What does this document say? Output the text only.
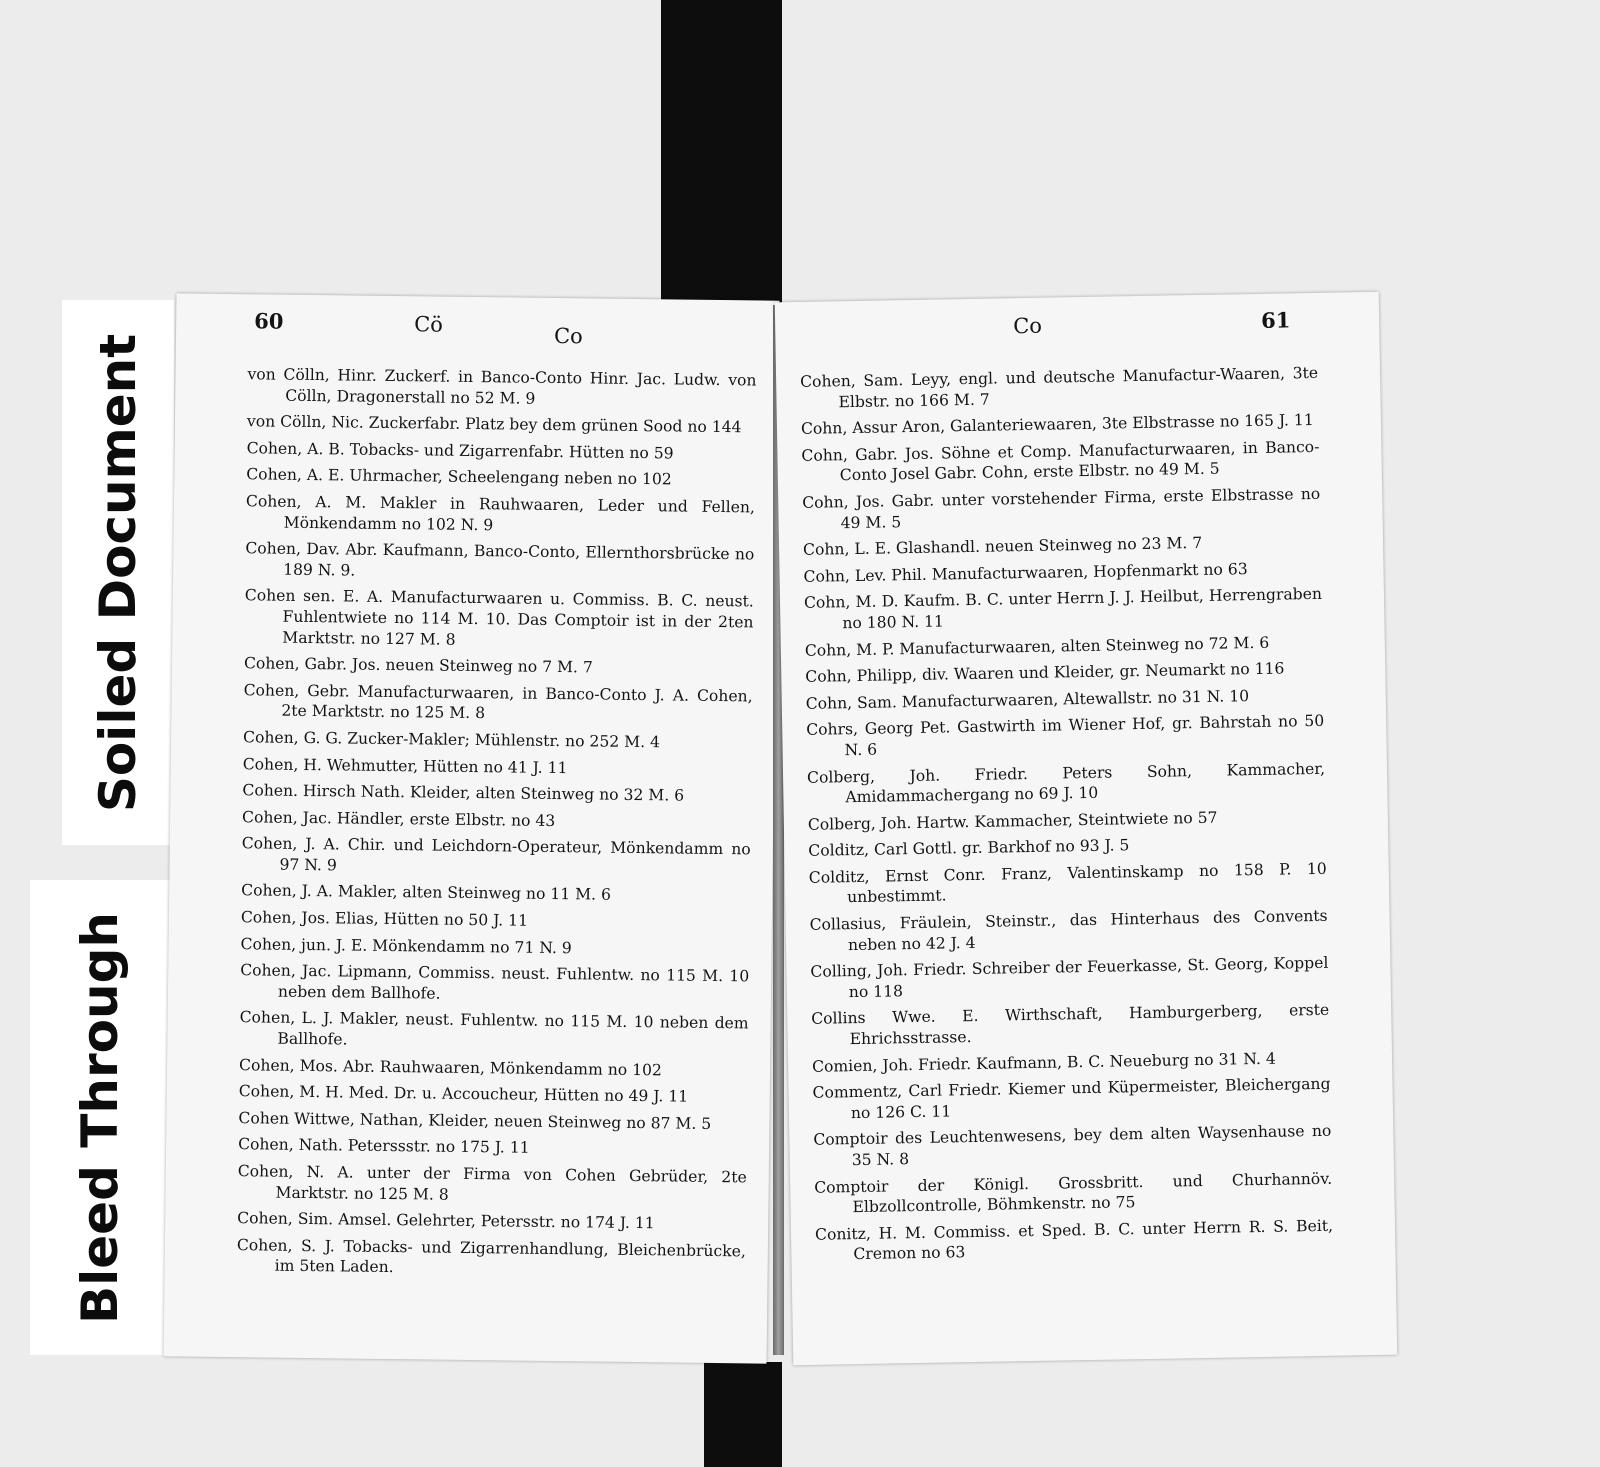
Soiled Document
Bleed Through
60	Cö	Co

von Cölln, Hinr. Zuckerf. in Banco-Conto Hinr. Jac. Ludw. von Cölln, Dragonerstall no 52 M. 9

von Cölln, Nic. Zuckerfabr. Platz bey dem grünen Sood no 144

Cohen, A. B. Tobacks- und Zigarrenfabr. Hütten no 59

Cohen, A. E. Uhrmacher, Scheelengang neben no 102

Cohen, A. M. Makler in Rauhwaaren, Leder und Fellen, Mönkendamm no 102 N. 9

Cohen, Dav. Abr. Kaufmann, Banco-Conto, Ellernthorsbrücke no 189 N. 9.

Cohen sen. E. A. Manufacturwaaren u. Commiss. B. C. neust. Fuhlentwiete no 114 M. 10. Das Comptoir ist in der 2ten Marktstr. no 127 M. 8

Cohen, Gabr. Jos. neuen Steinweg no 7 M. 7

Cohen, Gebr. Manufacturwaaren, in Banco-Conto J. A. Cohen, 2te Marktstr. no 125 M. 8

Cohen, G. G. Zucker-Makler; Mühlenstr. no 252 M. 4

Cohen, H. Wehmutter, Hütten no 41 J. 11

Cohen. Hirsch Nath. Kleider, alten Steinweg no 32 M. 6

Cohen, Jac. Händler, erste Elbstr. no 43

Cohen, J. A. Chir. und Leichdorn-Operateur, Mönkendamm no 97 N. 9

Cohen, J. A. Makler, alten Steinweg no 11 M. 6

Cohen, Jos. Elias, Hütten no 50 J. 11

Cohen, jun. J. E. Mönkendamm no 71 N. 9

Cohen, Jac. Lipmann, Commiss. neust. Fuhlentw. no 115 M. 10 neben dem Ballhofe.

Cohen, L. J. Makler, neust. Fuhlentw. no 115 M. 10 neben dem Ballhofe.

Cohen, Mos. Abr. Rauhwaaren, Mönkendamm no 102

Cohen, M. H. Med. Dr. u. Accoucheur, Hütten no 49 J. 11

Cohen Wittwe, Nathan, Kleider, neuen Steinweg no 87 M. 5

Cohen, Nath. Peterssstr. no 175 J. 11

Cohen, N. A. unter der Firma von Cohen Gebrüder, 2te Marktstr. no 125 M. 8

Cohen, Sim. Amsel. Gelehrter, Petersstr. no 174 J. 11

Cohen, S. J. Tobacks- und Zigarrenhandlung, Bleichenbrücke, im 5ten Laden.

Co	61

Cohen, Sam. Leyy, engl. und deutsche Manufactur-Waaren, 3te Elbstr. no 166 M. 7

Cohn, Assur Aron, Galanteriewaaren, 3te Elbstrasse no 165 J. 11

Cohn, Gabr. Jos. Söhne et Comp. Manufacturwaaren, in Banco-Conto Josel Gabr. Cohn, erste Elbstr. no 49 M. 5

Cohn, Jos. Gabr. unter vorstehender Firma, erste Elbstrasse no 49 M. 5

Cohn, L. E. Glashandl. neuen Steinweg no 23 M. 7

Cohn, Lev. Phil. Manufacturwaaren, Hopfenmarkt no 63

Cohn, M. D. Kaufm. B. C. unter Herrn J. J. Heilbut, Herrengraben no 180 N. 11

Cohn, M. P. Manufacturwaaren, alten Steinweg no 72 M. 6

Cohn, Philipp, div. Waaren und Kleider, gr. Neumarkt no 116

Cohn, Sam. Manufacturwaaren, Altewallstr. no 31 N. 10

Cohrs, Georg Pet. Gastwirth im Wiener Hof, gr. Bahrstah no 50 N. 6

Colberg, Joh. Friedr. Peters Sohn, Kammacher, Amidammachergang no 69 J. 10

Colberg, Joh. Hartw. Kammacher, Steintwiete no 57

Colditz, Carl Gottl. gr. Barkhof no 93 J. 5

Colditz, Ernst Conr. Franz, Valentinskamp no 158 P. 10 unbestimmt.

Collasius, Fräulein, Steinstr., das Hinterhaus des Convents neben no 42 J. 4

Colling, Joh. Friedr. Schreiber der Feuerkasse, St. Georg, Koppel no 118

Collins Wwe. E. Wirthschaft, Hamburgerberg, erste Ehrichsstrasse.

Comien, Joh. Friedr. Kaufmann, B. C. Neueburg no 31 N. 4

Commentz, Carl Friedr. Kiemer und Küpermeister, Bleichergang no 126 C. 11

Comptoir des Leuchtenwesens, bey dem alten Waysenhause no 35 N. 8

Comptoir der Königl. Grossbritt. und Churhannöv. Elbzollcontrolle, Böhmkenstr. no 75

Conitz, H. M. Commiss. et Sped. B. C. unter Herrn R. S. Beit, Cremon no 63
